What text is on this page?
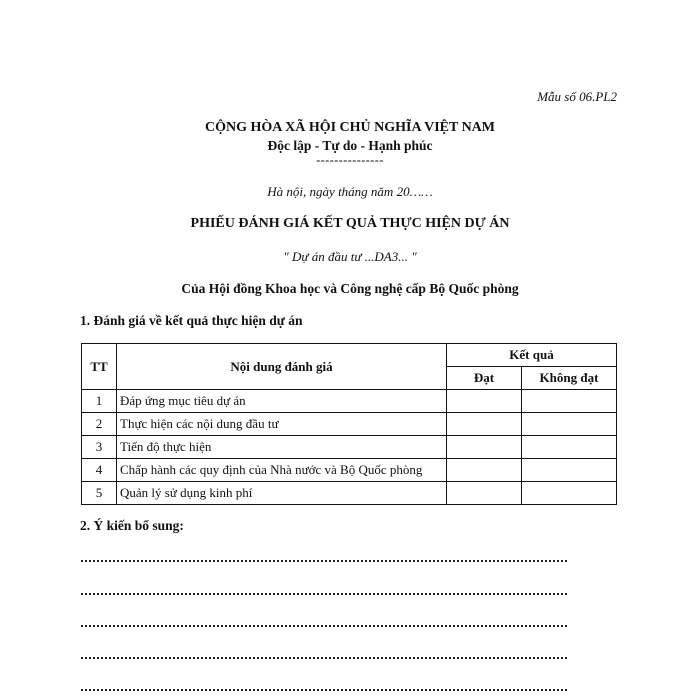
Mẫu số 06.PL2
CỘNG HÒA XÃ HỘI CHỦ NGHĨA VIỆT NAM
Độc lập - Tự do - Hạnh phúc
---------------
Hà nội, ngày tháng năm 20……
PHIẾU ĐÁNH GIÁ KẾT QUẢ THỰC HIỆN DỰ ÁN
" Dự án đầu tư ...DA3... "
Của Hội đồng Khoa học và Công nghệ cấp Bộ Quốc phòng
1. Đánh giá về kết quả thực hiện dự án
TT	Nội dung đánh giá	Kết quả	
		Đạt	Không đạt
1	Đáp ứng mục tiêu dự án		
2	Thực hiện các nội dung đầu tư		
3	Tiến độ thực hiện		
4	Chấp hành các quy định của Nhà nước và Bộ Quốc phòng		
5	Quản lý sử dụng kinh phí		
2. Ý kiến bổ sung:
